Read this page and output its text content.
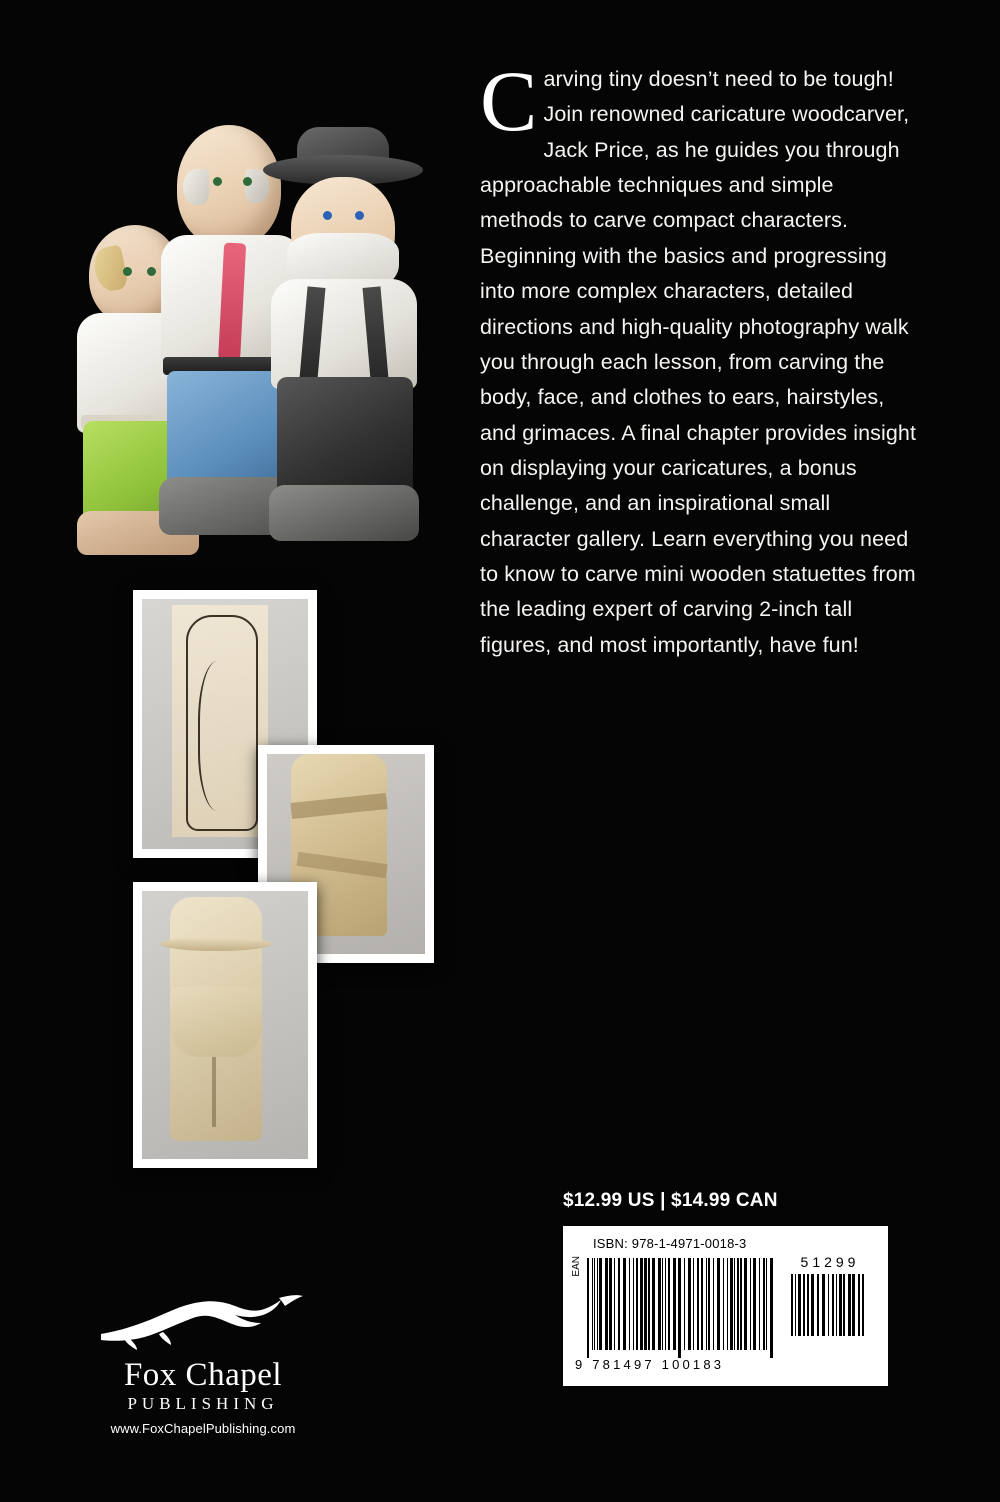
Carving tiny doesn’t need to be tough! Join renowned caricature woodcarver, Jack Price, as he guides you through approachable techniques and simple methods to carve compact characters. Beginning with the basics and progressing into more complex characters, detailed directions and high-quality photography walk you through each lesson, from carving the body, face, and clothes to ears, hairstyles, and grimaces. A final chapter provides insight on displaying your caricatures, a bonus challenge, and an inspirational small character gallery. Learn everything you need to know to carve mini wooden statuettes from the leading expert of carving 2-inch tall figures, and most importantly, have fun!
$12.99 US | $14.99 CAN
ISBN: 978-1-4971-0018-3
EAN	51299
9 781497 100183
Fox Chapel
PUBLISHING
www.FoxChapelPublishing.com
